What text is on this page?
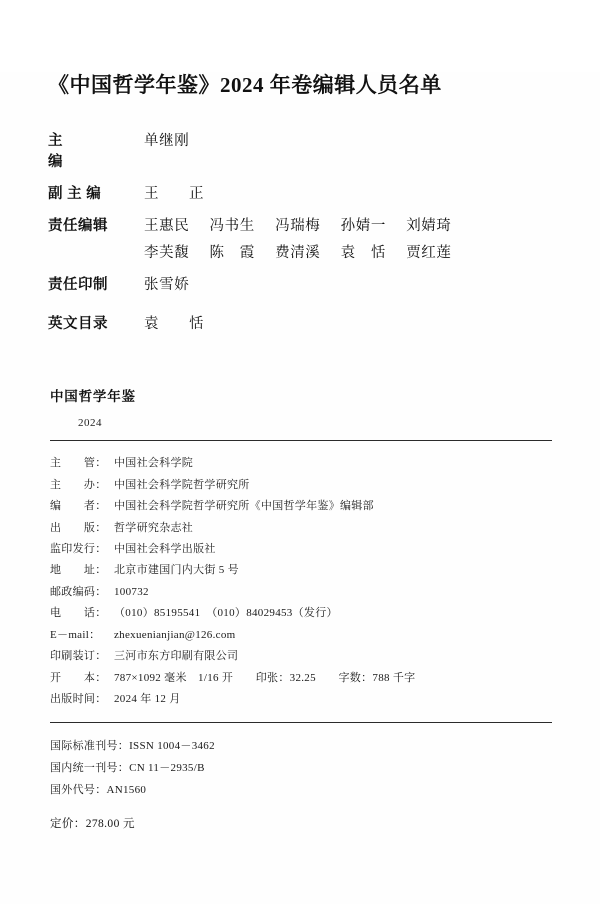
《中国哲学年鉴》2024 年卷编辑人员名单
主　　编
单继刚
副 主 编	王　正
责任编辑	王惠民 冯书生 冯瑞梅 孙婧一 刘婧琦
李芙馥 陈　霞 费清溪 袁　恬 贾红莲
责任印制	张雪娇
英文目录	袁　恬
中国哲学年鉴
2024
主　　管： 中国社会科学院
主　　办： 中国社会科学院哲学研究所
编　　者： 中国社会科学院哲学研究所《中国哲学年鉴》编辑部
出　　版： 哲学研究杂志社
监印发行： 中国社会科学出版社
地　　址： 北京市建国门内大街 5 号
邮政编码： 100732
电　　话： （010）85195541　（010）84029453（发行）
E－mail： zhexuenianjian@126.com
印刷装订： 三河市东方印刷有限公司
开　　本： 787×1092 毫米　1/16 开　　印张：32.25　　字数：788 千字
出版时间： 2024 年 12 月
国际标准刊号：ISSN 1004－3462
国内统一刊号：CN 11－2935/B
国外代号：AN1560
定价：278.00 元
